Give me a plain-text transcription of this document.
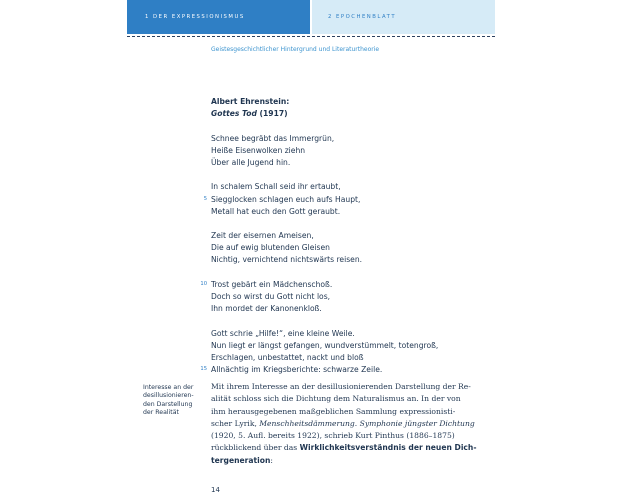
1 DER EXPRESSIONISMUS	2 EPOCHENBLATT
Geistesgeschichtlicher Hintergrund und Literaturtheorie
Albert Ehrenstein:
Gottes Tod (1917)
Schnee begräbt das Immergrün,
Heiße Eisenwolken ziehn
Über alle Jugend hin.
In schalem Schall seid ihr ertaubt,
Siegglocken schlagen euch aufs Haupt,
Metall hat euch den Gott geraubt.
Zeit der eisernen Ameisen,
Die auf ewig blutenden Gleisen
Nichtig, vernichtend nichtswärts reisen.
Trost gebärt ein Mädchenschoß.
Doch so wirst du Gott nicht los,
Ihn mordet der Kanonenkloß.
Gott schrie „Hilfe!“, eine kleine Weile.
Nun liegt er längst gefangen, wundverstümmelt, totengroß,
Erschlagen, unbestattet, nackt und bloß
Allnächtig im Kriegsberichte: schwarze Zeile.
5
10
15
Interesse an der
desillusionieren-
den Darstellung
der Realität
Mit ihrem Interesse an der desillusionierenden Darstellung der Re-
alität schloss sich die Dichtung dem Naturalismus an. In der von
ihm herausgegebenen maßgeblichen Sammlung expressionisti-
scher Lyrik, Menschheitsdämmerung. Symphonie jüngster Dichtung
(1920, 5. Aufl. bereits 1922), schrieb Kurt Pinthus (1886–1875)
rückblickend über das Wirklichkeitsverständnis der neuen Dich-
tergeneration:
14
